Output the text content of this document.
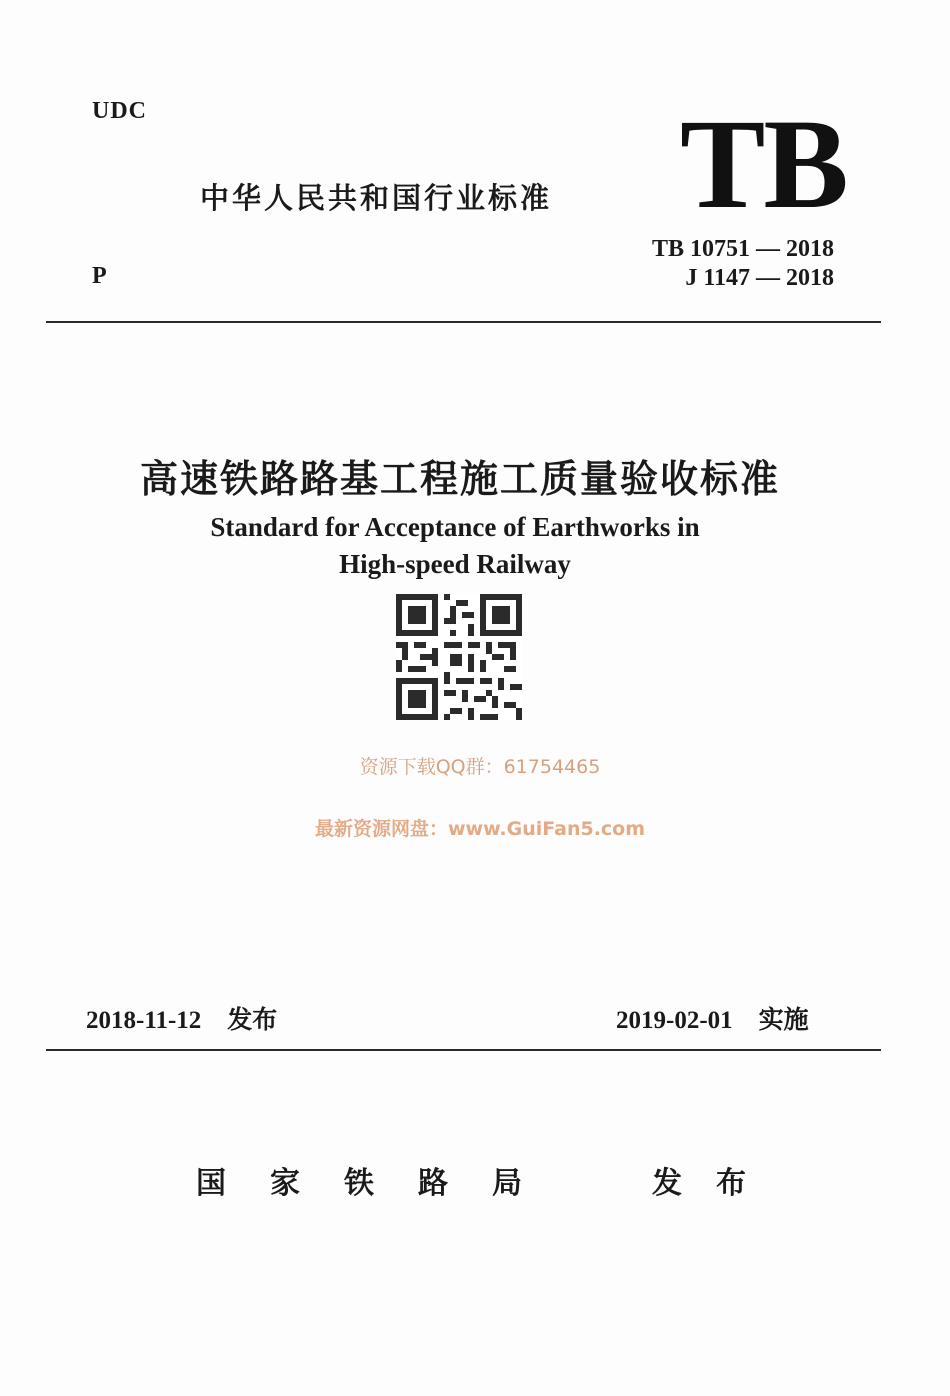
UDC
中华人民共和国行业标准 TB
P
TB 10751 — 2018
J 1147 — 2018
高速铁路路基工程施工质量验收标准
Standard for Acceptance of Earthworks in
High-speed Railway
资源下载QQ群：61754465
最新资源网盘：www.GuiFan5.com
2018-11-12 发布	2019-02-01 实施
国家铁路局	发布
